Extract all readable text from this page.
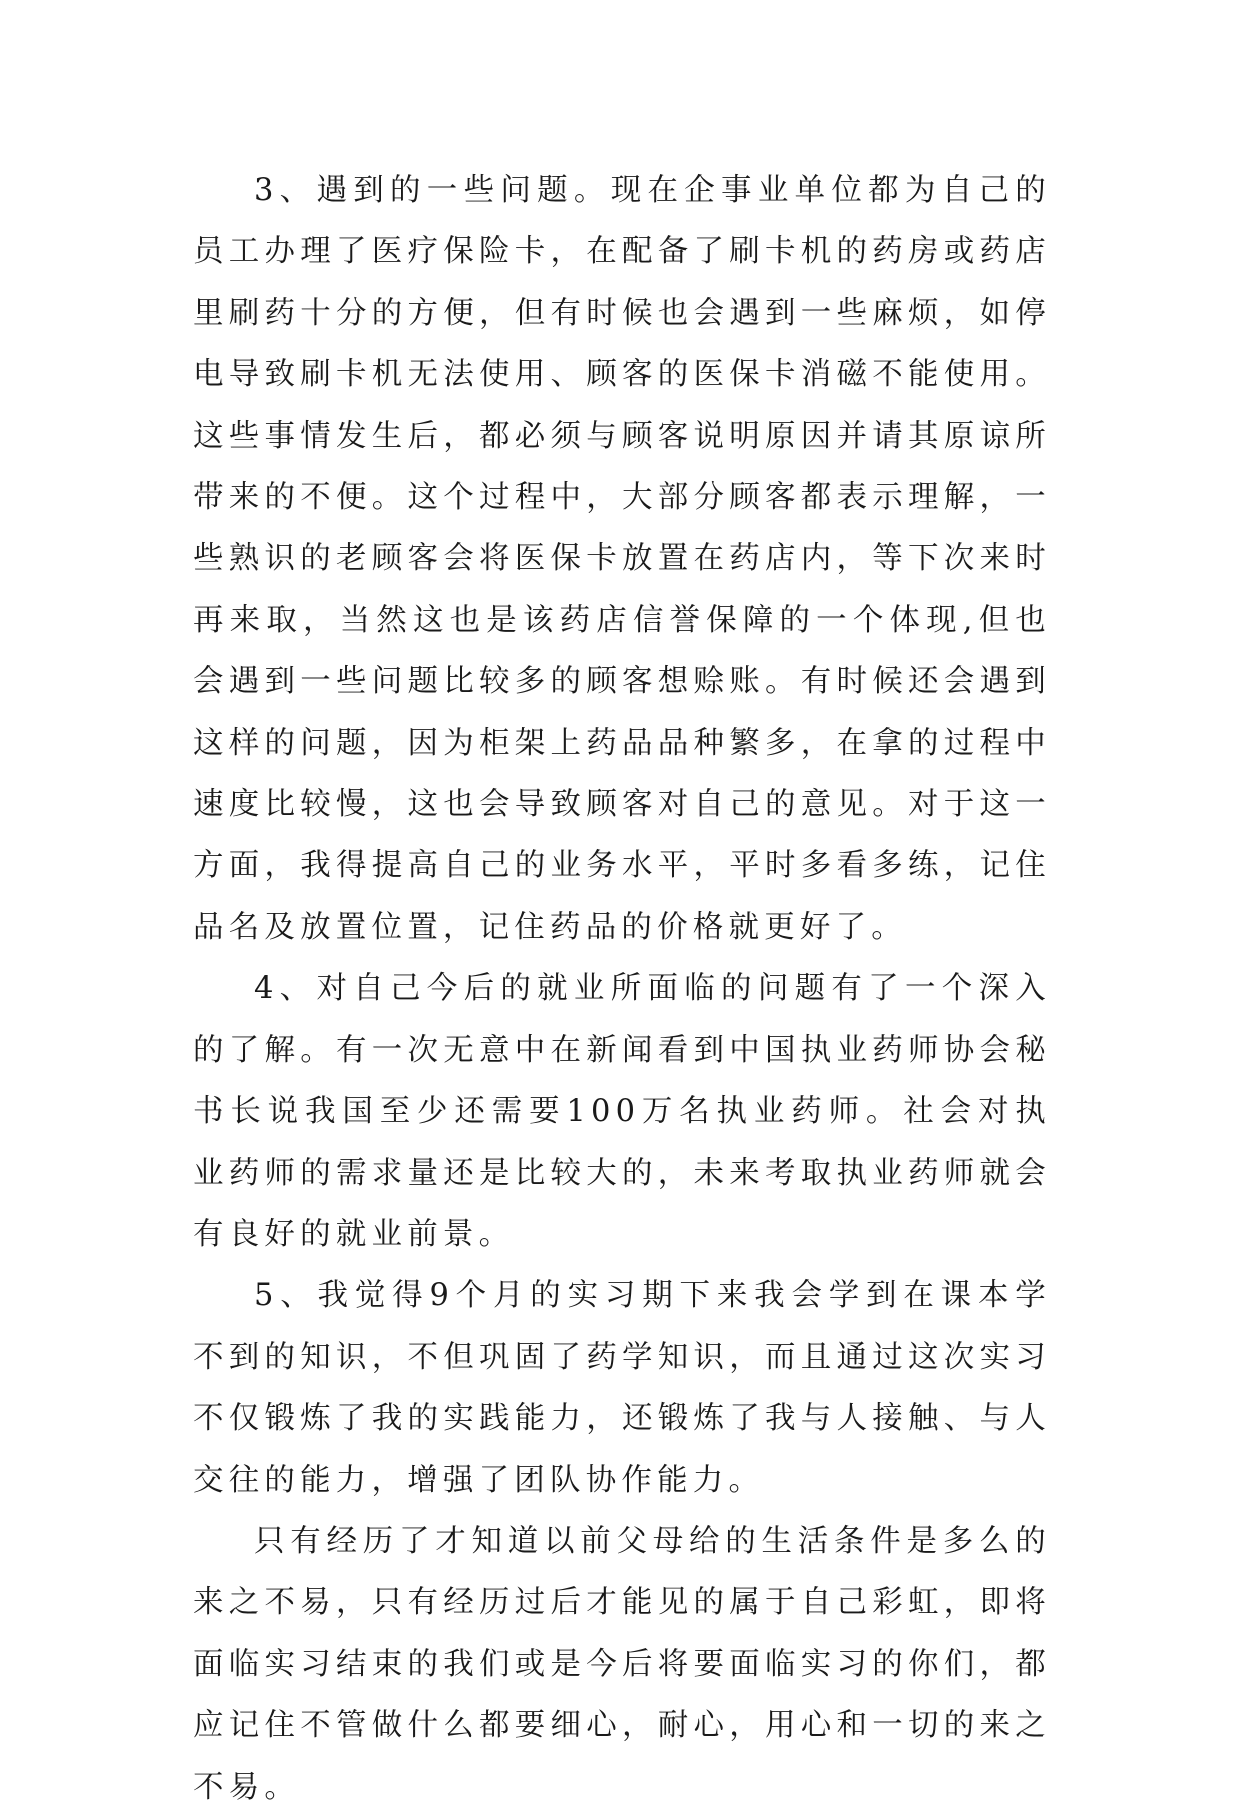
3、遇到的一些问题。现在企事业单位都为自己的员工办理了医疗保险卡，在配备了刷卡机的药房或药店里刷药十分的方便，但有时候也会遇到一些麻烦，如停电导致刷卡机无法使用、顾客的医保卡消磁不能使用。这些事情发生后，都必须与顾客说明原因并请其原谅所带来的不便。这个过程中，大部分顾客都表示理解，一些熟识的老顾客会将医保卡放置在药店内，等下次来时再来取，当然这也是该药店信誉保障的一个体现,但也会遇到一些问题比较多的顾客想赊账。有时候还会遇到这样的问题，因为柜架上药品品种繁多，在拿的过程中速度比较慢，这也会导致顾客对自己的意见。对于这一方面，我得提高自己的业务水平，平时多看多练，记住品名及放置位置，记住药品的价格就更好了。

4、对自己今后的就业所面临的问题有了一个深入的了解。有一次无意中在新闻看到中国执业药师协会秘书长说我国至少还需要100万名执业药师。社会对执业药师的需求量还是比较大的，未来考取执业药师就会有良好的就业前景。

5、我觉得9个月的实习期下来我会学到在课本学不到的知识，不但巩固了药学知识，而且通过这次实习不仅锻炼了我的实践能力，还锻炼了我与人接触、与人交往的能力，增强了团队协作能力。

只有经历了才知道以前父母给的生活条件是多么的来之不易，只有经历过后才能见的属于自己彩虹，即将面临实习结束的我们或是今后将要面临实习的你们，都应记住不管做什么都要细心，耐心，用心和一切的来之不易。
